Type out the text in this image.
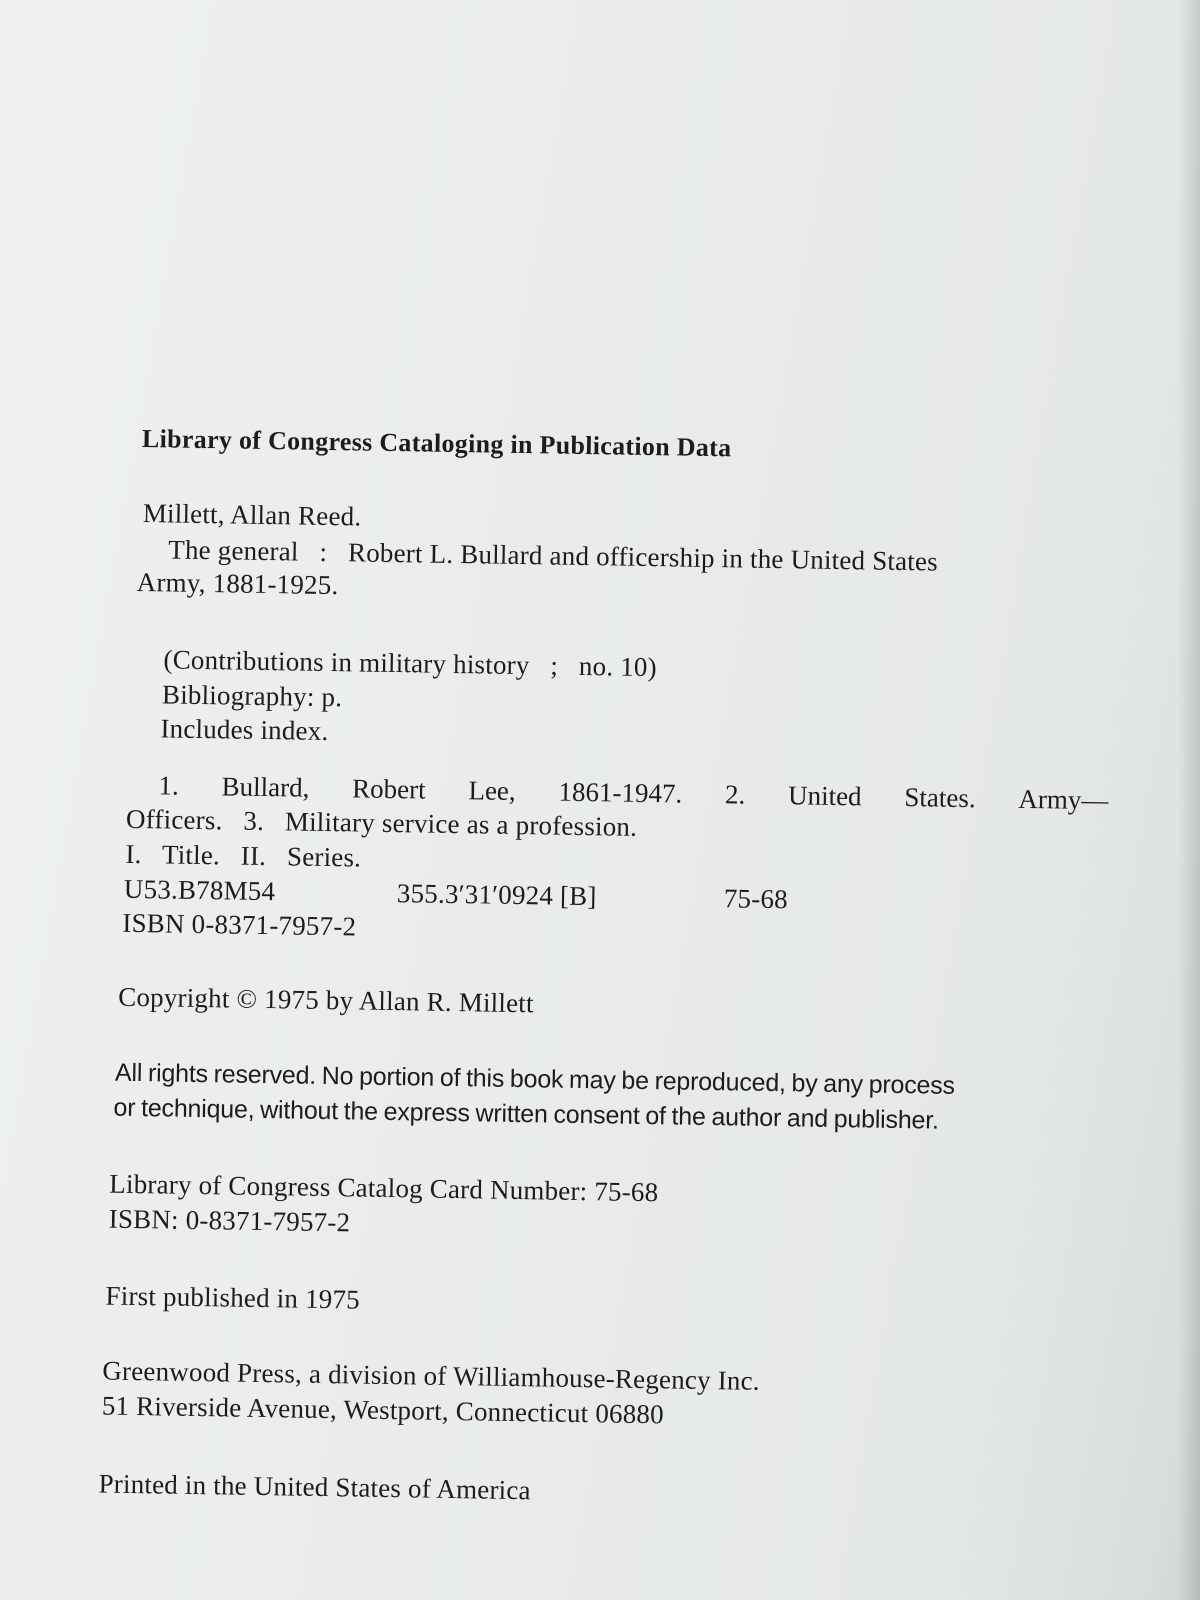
Library of Congress Cataloging in Publication Data
Millett, Allan Reed.
The general   :   Robert L. Bullard and officership in the United States
Army, 1881-1925.
(Contributions in military history   ;   no. 10)
Bibliography: p.
Includes index.
1. Bullard, Robert Lee, 1861-1947. 2. United States. Army—
Officers.   3.   Military service as a profession.
I.   Title.   II.   Series.
U53.B78M54	355.3′31′0924 [B]	75-68
ISBN 0-8371-7957-2
Copyright © 1975 by Allan R. Millett
All rights reserved. No portion of this book may be reproduced, by any process
or technique, without the express written consent of the author and publisher.
Library of Congress Catalog Card Number: 75-68
ISBN: 0-8371-7957-2
First published in 1975
Greenwood Press, a division of Williamhouse-Regency Inc.
51 Riverside Avenue, Westport, Connecticut 06880
Printed in the United States of America
